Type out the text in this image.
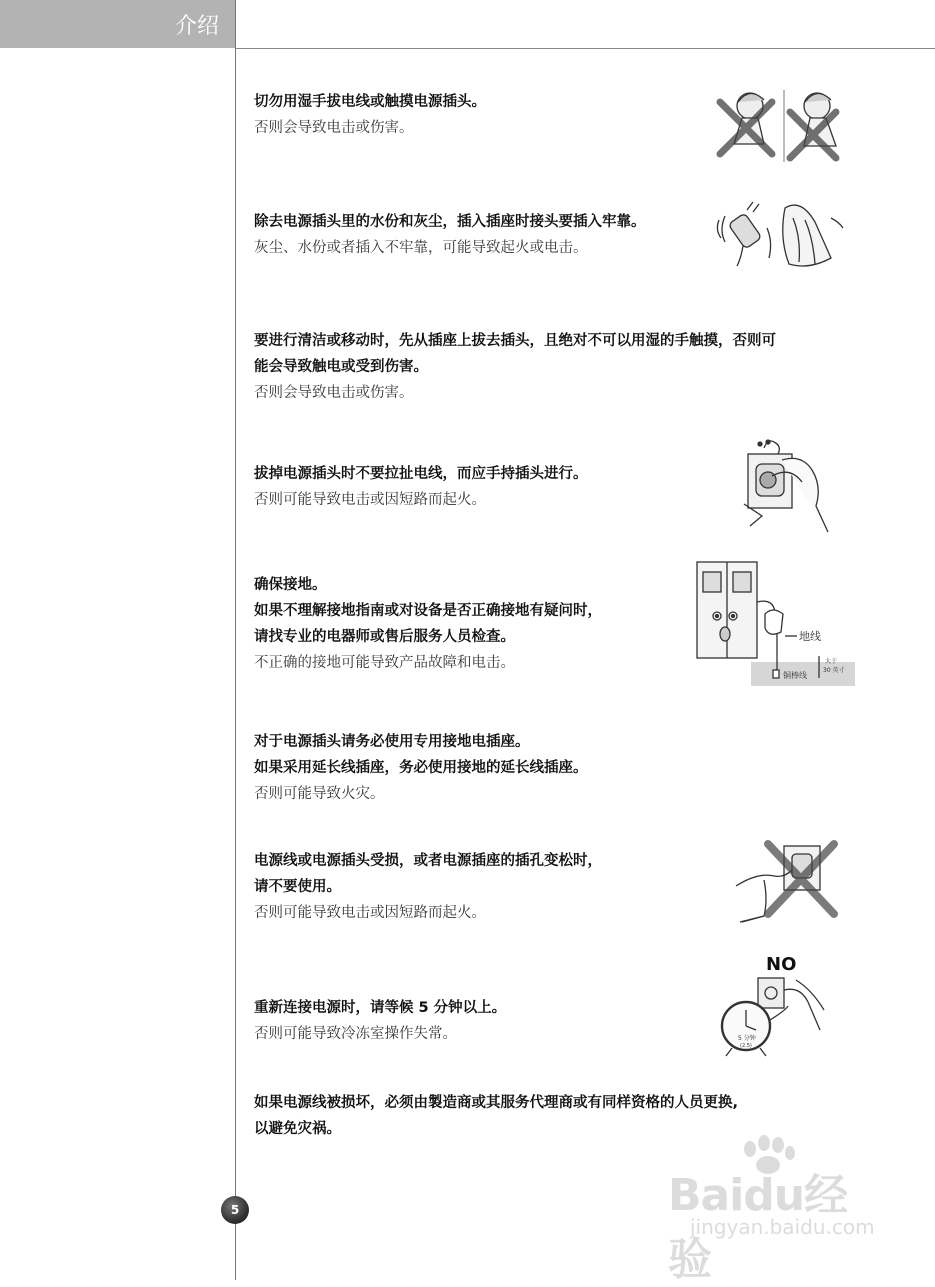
介绍
切勿用湿手拔电线或触摸电源插头。
否则会导致电击或伤害。
除去电源插头里的水份和灰尘，插入插座时接头要插入牢靠。
灰尘、水份或者插入不牢靠，可能导致起火或电击。
要进行清洁或移动时，先从插座上拔去插头，且绝对不可以用湿的手触摸，否则可
能会导致触电或受到伤害。
否则会导致电击或伤害。
拔掉电源插头时不要拉扯电线，而应手持插头进行。
否则可能导致电击或因短路而起火。
确保接地。
如果不理解接地指南或对设备是否正确接地有疑问时，
请找专业的电器师或售后服务人员检查。
不正确的接地可能导致产品故障和电击。
对于电源插头请务必使用专用接地电插座。
如果采用延长线插座，务必使用接地的延长线插座。
否则可能导致火灾。
电源线或电源插头受损，或者电源插座的插孔变松时，
请不要使用。
否则可能导致电击或因短路而起火。
重新连接电源时，请等候 5 分钟以上。
否则可能导致冷冻室操作失常。
如果电源线被损坏，必须由製造商或其服务代理商或有同样资格的人员更换,
以避免灾祸。
地线
铜棒线
大于
30 英寸
NO
5 分钟
(2.5)
5	Baidu经验
jingyan.baidu.com
